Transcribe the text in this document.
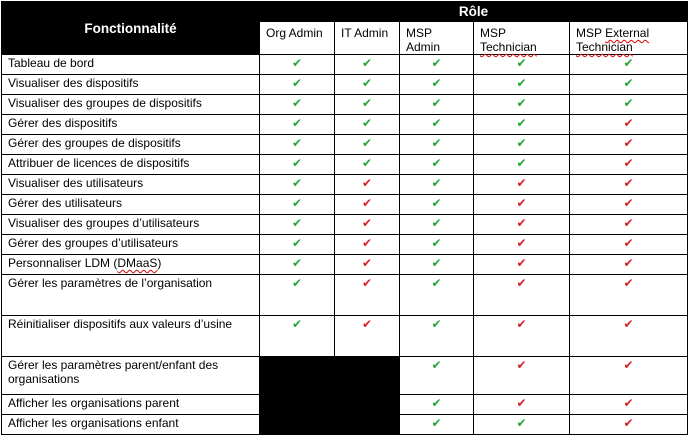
Fonctionnalité	Rôle				
	Org Admin	IT Admin	MSP Admin	MSP Technician	MSP External Technician
Tableau de bord	✔	✔	✔	✔	✔
Visualiser des dispositifs	✔	✔	✔	✔	✔
Visualiser des groupes de dispositifs	✔	✔	✔	✔	✔
Gérer des dispositifs	✔	✔	✔	✔	✔
Gérer des groupes de dispositifs	✔	✔	✔	✔	✔
Attribuer de licences de dispositifs	✔	✔	✔	✔	✔
Visualiser des utilisateurs	✔	✔	✔	✔	✔
Gérer des utilisateurs	✔	✔	✔	✔	✔
Visualiser des groupes d’utilisateurs	✔	✔	✔	✔	✔
Gérer des groupes d’utilisateurs	✔	✔	✔	✔	✔
Personnaliser LDM (DMaaS)	✔	✔	✔	✔	✔
Gérer les paramètres de l’organisation	✔	✔	✔	✔	✔
Réinitialiser dispositifs aux valeurs d’usine	✔	✔	✔	✔	✔
Gérer les paramètres parent/enfant des organisations			✔	✔	✔
Afficher les organisations parent			✔	✔	✔
Afficher les organisations enfant			✔	✔	✔
